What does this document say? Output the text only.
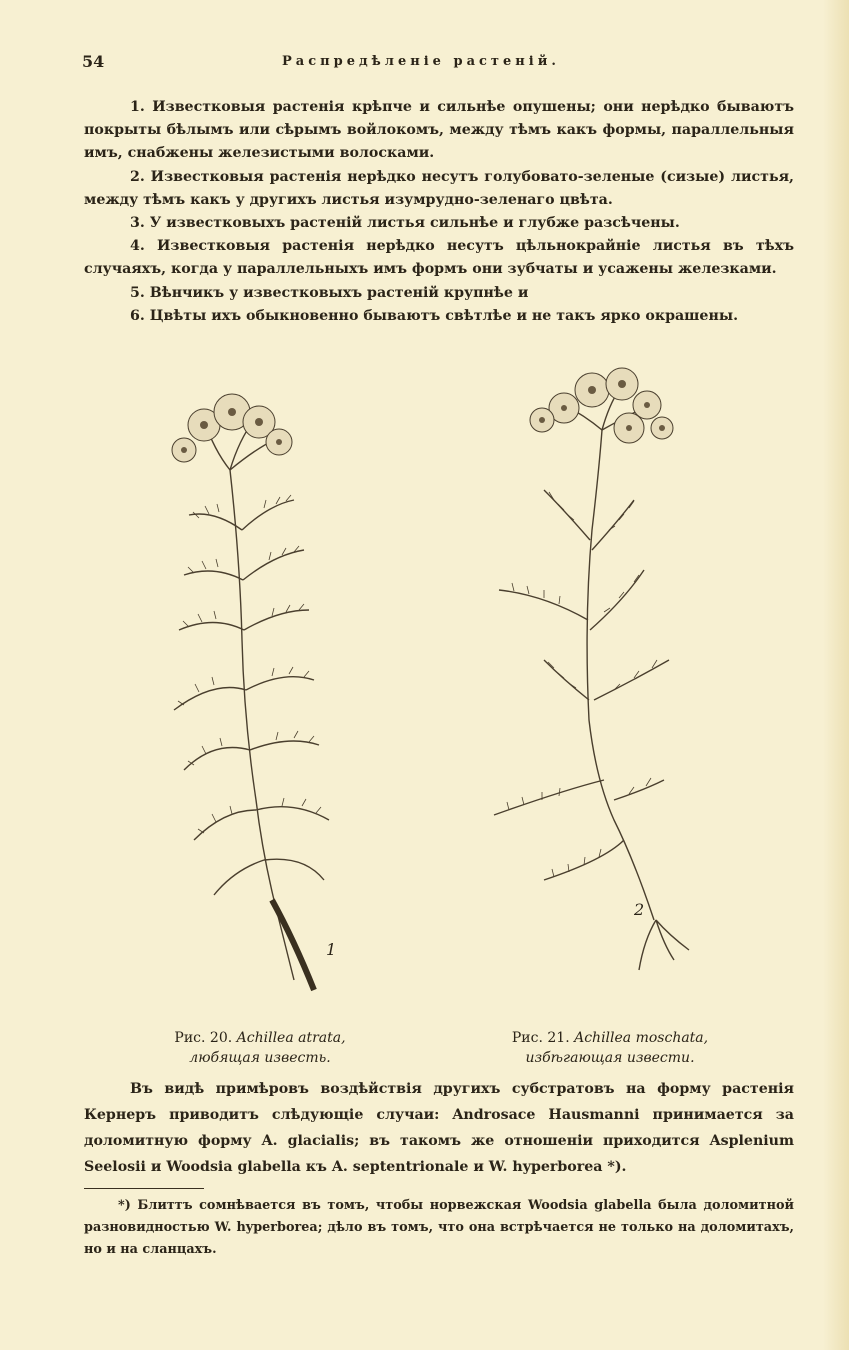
54	Распредѣленіе растеній.

1. Известковыя растенія крѣпче и сильнѣе опушены; они нерѣдко бываютъ покрыты бѣлымъ или сѣрымъ войлокомъ, между тѣмъ какъ формы, параллельныя имъ, снабжены железистыми волосками.

2. Известковыя растенія нерѣдко несутъ голубовато-зеленые (сизые) листья, между тѣмъ какъ у другихъ листья изумрудно-зеленаго цвѣта.

3. У известковыхъ растеній листья сильнѣе и глубже разсѣчены.

4. Известковыя растенія нерѣдко несутъ цѣльнокрайніе листья въ тѣхъ случаяхъ, когда у параллельныхъ имъ формъ они зубчаты и усажены железками.

5. Вѣнчикъ у известковыхъ растеній крупнѣе и

6. Цвѣты ихъ обыкновенно бываютъ свѣтлѣе и не такъ ярко окрашены.

1
2
Рис. 20. Achillea atrata,
любящая известь.
Рис. 21. Achillea moschata,
избѣгающая извести.

Въ видѣ примѣровъ воздѣйствія другихъ субстратовъ на форму растенія Кернеръ приводитъ слѣдующіе случаи: Androsace Hausmanni принимается за доломитную форму A. glacialis; въ такомъ же отношеніи приходится Asplenium Seelosii и Woodsia glabella къ A. septentrionale и W. hyperborea *).

*) Блиттъ сомнѣвается въ томъ, чтобы норвежская Woodsia glabella была доломитной разновидностью W. hyperborea; дѣло въ томъ, что она встрѣчается не только на доломитахъ, но и на сланцахъ.
